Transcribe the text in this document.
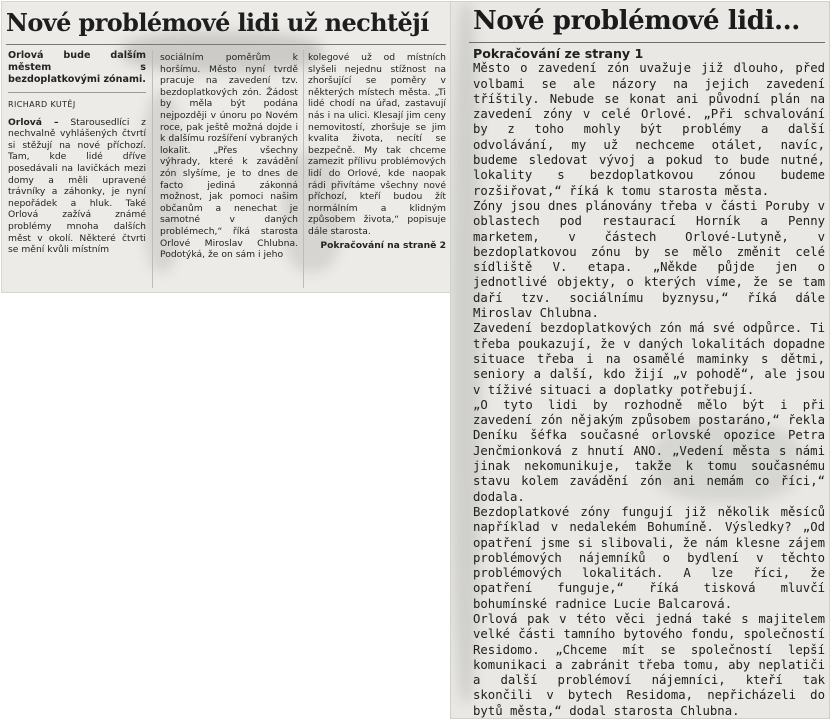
Nové problémové lidi už nechtějí
Orlová bude dalším městem s bezdoplatkovými zónami.
RICHARD KUTĚJ
Orlová – Starousedlíci z nechvalně vyhlášených čtvrtí si stěžují na nové příchozí. Tam, kde lidé dříve posedávali na lavičkách mezi domy a měli upravené trávníky a záhonky, je nyní nepořádek a hluk. Také Orlová zažívá známé problémy mnoha dalších měst v okolí. Některé čtvrti se mění kvůli místním
sociálním poměrům k horšímu. Město nyní tvrdě pracuje na zavedení tzv. bezdoplatkových zón. Žádost by měla být podána nejpozději v únoru po Novém roce, pak ještě možná dojde i k dalšímu rozšíření vybraných lokalit. „Přes všechny výhrady, které k zavádění zón slyšíme, je to dnes de facto jediná zákonná možnost, jak pomoci našim občanům a nenechat je samotné v daných problémech,“ říká starosta Orlové Miroslav Chlubna. Podotýká, že on sám i jeho
kolegové už od místních slyšeli nejednu stížnost na zhoršující se poměry v některých místech města. „Ti lidé chodí na úřad, zastavují nás i na ulici. Klesají jim ceny nemovitostí, zhoršuje se jim kvalita života, necítí se bezpečně. My tak chceme zamezit přílivu problémových lidí do Orlové, kde naopak rádi přivítáme všechny nové příchozí, kteří budou žít normálním a klidným způsobem života,“ popisuje dále starosta.
Pokračování na straně 2
Nové problémové lidi...
Pokračování ze strany 1

Město o zavedení zón uvažuje již dlouho, před volbami se ale názory na jejich zavedení tříštily. Nebude se konat ani původní plán na zavedení zóny v celé Orlové. „Při schvalování by z toho mohly být problémy a další odvolávání, my už nechceme otálet, navíc, budeme sledovat vývoj a pokud to bude nutné, lokality s bezdoplatkovou zónou budeme rozšiřovat,“ říká k tomu starosta města.

Zóny jsou dnes plánovány třeba v části Poruby v oblastech pod restaurací Horník a Penny marketem, v částech Orlové-Lutyně, v bezdoplatkovou zónu by se mělo změnit celé sídliště V. etapa. „Někde půjde jen o jednotlivé objekty, o kterých víme, že se tam daří tzv. sociálnímu byznysu,“ říká dále Miroslav Chlubna.

Zavedení bezdoplatkových zón má své odpůrce. Ti třeba poukazují, že v daných lokalitách dopadne situace třeba i na osamělé maminky s dětmi, seniory a další, kdo žijí „v pohodě“, ale jsou v tíživé situaci a doplatky potřebují.

„O tyto lidi by rozhodně mělo být i při zavedení zón nějakým způsobem postaráno,“ řekla Deníku šéfka současné orlovské opozice Petra Jenčmionková z hnutí ANO. „Vedení města s námi jinak nekomunikuje, takže k tomu současnému stavu kolem zavádění zón ani nemám co říci,“ dodala.

Bezdoplatkové zóny fungují již několik měsíců například v nedalekém Bohumíně. Výsledky? „Od opatření jsme si slibovali, že nám klesne zájem problémových nájemníků o bydlení v těchto problémových lokalitách. A lze říci, že opatření funguje,“ říká tisková mluvčí bohumínské radnice Lucie Balcarová.

Orlová pak v této věci jedná také s majitelem velké části tamního bytového fondu, společností Residomo. „Chceme mít se společností lepší komunikaci a zabránit třeba tomu, aby neplatiči a další problémoví nájemníci, kteří tak skončili v bytech Residoma, nepřicházeli do bytů města,“ dodal starosta Chlubna.
